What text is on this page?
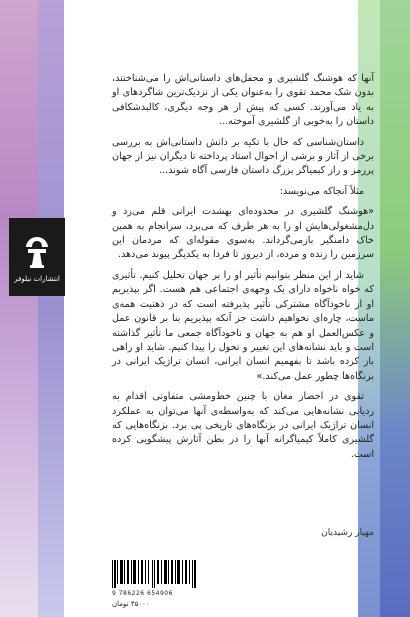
انتشارات نیلوفر

آنها که هوشنگ گلشیری و محفل‌های داستانی‌اش را می‌شناختند، بدون شک محمد تقوی را به‌عنوان یکی از نزدیک‌ترین شاگردهای او به یاد می‌آورند. کسی که پیش از هر وجه دیگری، کالبدشکافی داستان را به‌خوبی از گلشیری آموخته...

داستان‌شناسی که حال با تکیه بر دانش داستانی‌اش به بررسی برخی از آثار و برشی از احوال استاد پرداخته تا دیگران نیز از جهان پررمز و راز کیمیاگر بزرگ داستان فارسی آگاه شوند...

مثلاً آنجاکه می‌نویسد:

«هوشنگ گلشیری در محدوده‌ای بهشدت ایرانی قلم می‌زد و دل‌مشغولی‌هایش او را به هر طرف که می‌برد، سرانجام به همین خاک دامنگیر بازمی‌گرداند. به‌سوی مقوله‌ای که مردمان این سرزمین را زنده و مرده، از دیروز تا فردا به یکدیگر پیوند می‌دهد.

شاید از این منظر بتوانیم تأثیر او را بر جهان تحلیل کنیم. تأثیری که خواه ناخواه دارای یک وجهه‌ی اجتماعی هم هست. اگر بپذیریم او از ناخودآگاه مشترکی تأثیر پذیرفته است که در ذهنیت همه‌ی ماست، چاره‌ای نخواهیم داشت جز آنکه بپذیریم بنا بر قانون عمل و عکس‌العمل او هم به جهان و ناخودآگاه جمعی ما تأثیر گذاشته است و باید نشانه‌های این تغییر و تحول را پیدا کنیم. شاید او راهی باز کرده باشد تا بفهمیم انسان ایرانی، انسان تراژیک ایرانی در بزنگاه‌ها چطور عمل می‌کند.»

تقوی در احضار مغان با چنین خط‌ومشی متفاوتی اقدام به ردیابی نشانه‌هایی می‌کند که به‌واسطه‌ی آنها می‌توان به عملکرد انسان تراژیک ایرانی در بزنگاه‌های تاریخی پی برد. بزنگاه‌هایی که گلشیری کاملاً کیمیاگرانه آنها را در بطن آثارش پیشگویی کرده است.

مهیار رشیدیان
9 786226 654906
۳۵۰۰۰ تومان
